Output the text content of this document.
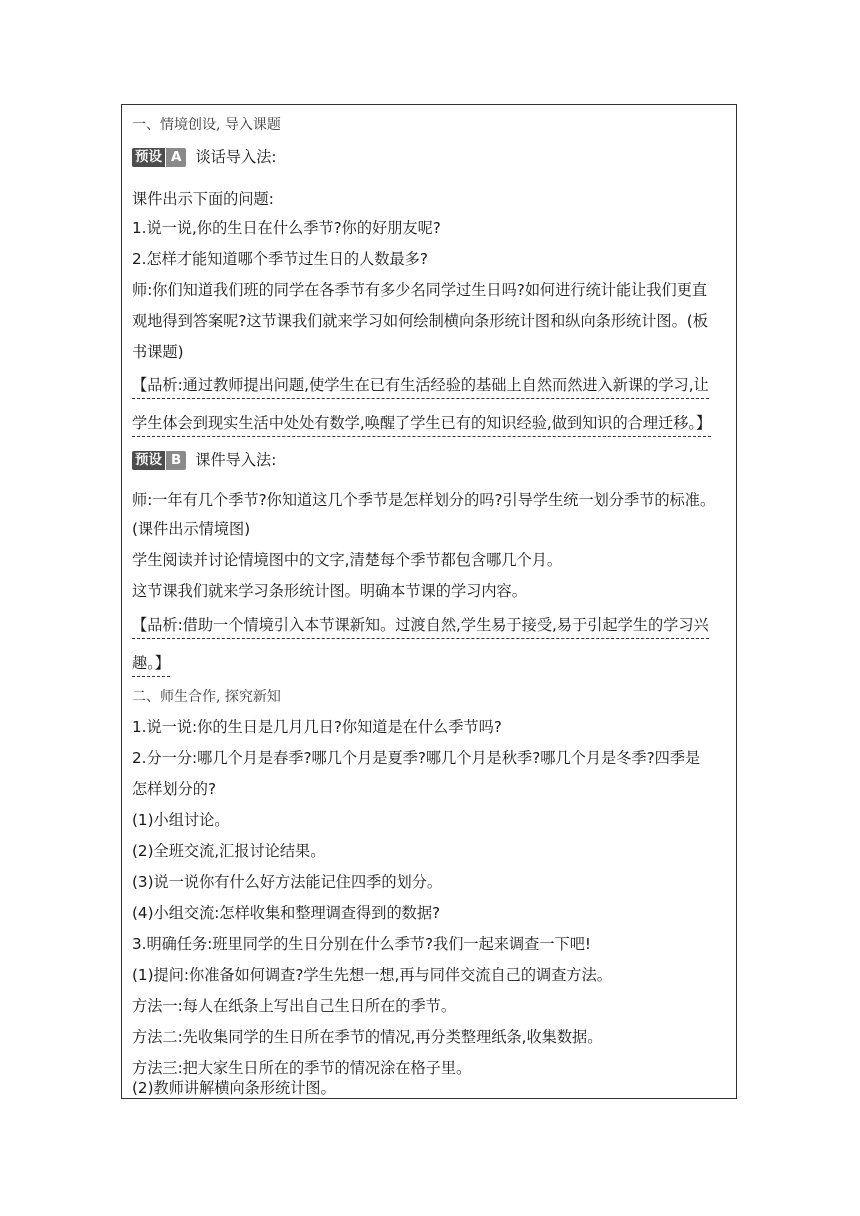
一、情境创设, 导入课题
预设 A 谈话导入法:
课件出示下面的问题:
1.说一说,你的生日在什么季节?你的好朋友呢?
2.怎样才能知道哪个季节过生日的人数最多?
师:你们知道我们班的同学在各季节有多少名同学过生日吗?如何进行统计能让我们更直
观地得到答案呢?这节课我们就来学习如何绘制横向条形统计图和纵向条形统计图。(板
书课题)
【品析:通过教师提出问题,使学生在已有生活经验的基础上自然而然进入新课的学习,让
学生体会到现实生活中处处有数学,唤醒了学生已有的知识经验,做到知识的合理迁移。】
预设 B 课件导入法:
师:一年有几个季节?你知道这几个季节是怎样划分的吗?引导学生统一划分季节的标准。
(课件出示情境图)
学生阅读并讨论情境图中的文字,清楚每个季节都包含哪几个月。
这节课我们就来学习条形统计图。明确本节课的学习内容。
【品析:借助一个情境引入本节课新知。过渡自然,学生易于接受,易于引起学生的学习兴
趣。】
二、师生合作, 探究新知
1.说一说:你的生日是几月几日?你知道是在什么季节吗?
2.分一分:哪几个月是春季?哪几个月是夏季?哪几个月是秋季?哪几个月是冬季?四季是
怎样划分的?
(1)小组讨论。
(2)全班交流,汇报讨论结果。
(3)说一说你有什么好方法能记住四季的划分。
(4)小组交流:怎样收集和整理调查得到的数据?
3.明确任务:班里同学的生日分别在什么季节?我们一起来调查一下吧!
(1)提问:你准备如何调查?学生先想一想,再与同伴交流自己的调查方法。
方法一:每人在纸条上写出自己生日所在的季节。
方法二:先收集同学的生日所在季节的情况,再分类整理纸条,收集数据。
方法三:把大家生日所在的季节的情况涂在格子里。
(2)教师讲解横向条形统计图。
